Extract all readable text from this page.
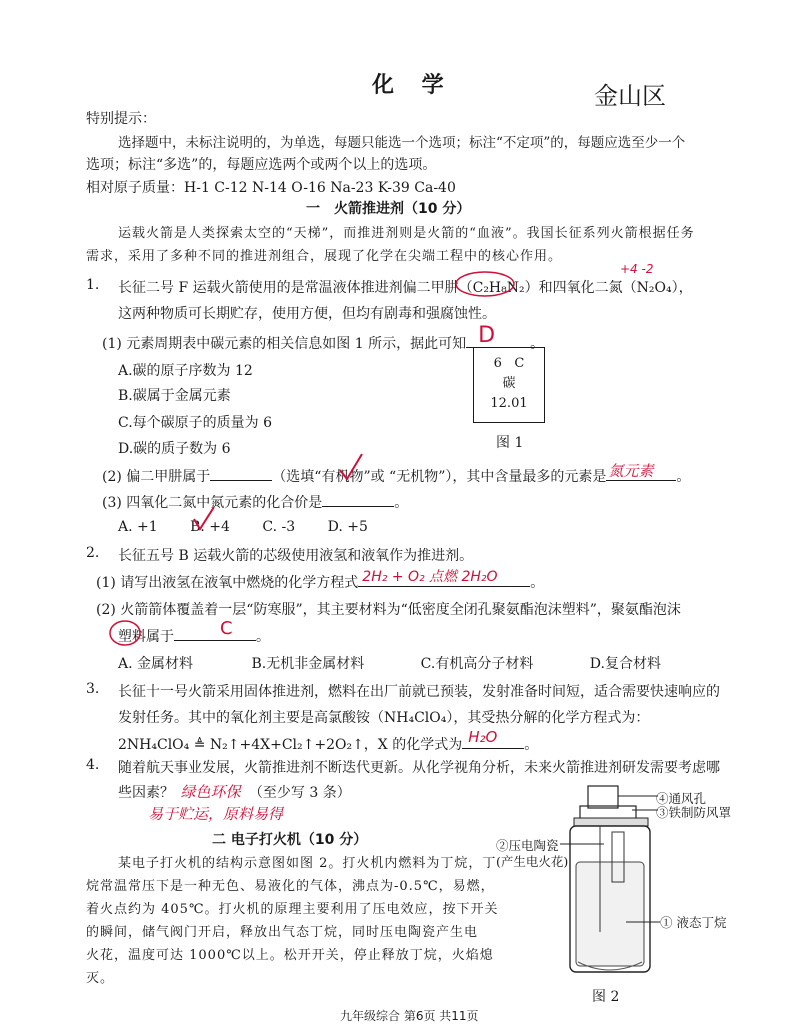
化 学	金山区
特别提示：
选择题中，未标注说明的，为单选，每题只能选一个选项；标注“不定项”的，每题应选至少一个
选项；标注“多选”的，每题应选两个或两个以上的选项。
相对原子质量：H-1 C-12 N-14 O-16 Na-23 K-39 Ca-40
一　火箭推进剂（10 分）
运载火箭是人类探索太空的“天梯”，而推进剂则是火箭的“血液”。我国长征系列火箭根据任务
需求，采用了多种不同的推进剂组合，展现了化学在尖端工程中的核心作用。
1. 长征二号 F 运载火箭使用的是常温液体推进剂偏二甲肼（C₂H₈N₂）和四氧化二氮（N₂O₄），
+4 -2
这两种物质可长期贮存，使用方便，但均有剧毒和强腐蚀性。
(1) 元素周期表中碳元素的相关信息如图 1 所示，据此可知 D	。
A.碳的原子序数为 12
B.碳属于金属元素
C.每个碳原子的质量为 6
D.碳的质子数为 6
6 C
碳
12.01
图 1
(2) 偏二甲肼属于	（选填“有机物”或 “无机物”），其中含量最多的元素是 氮元素 。
(3) 四氧化二氮中氮元素的化合价是	。
A. +1 B. +4 C. -3 D. +5
2. 长征五号 B 运载火箭的芯级使用液氢和液氧作为推进剂。
(1) 请写出液氢在液氧中燃烧的化学方程式 2H₂ + O₂ 点燃 2H₂O 。
(2) 火箭箭体覆盖着一层“防寒服”，其主要材料为“低密度全闭孔聚氨酯泡沫塑料”，聚氨酯泡沫
塑料属于	C 。
A. 金属材料	B.无机非金属材料	C.有机高分子材料	D.复合材料
3. 长征十一号火箭采用固体推进剂，燃料在出厂前就已预装，发射准备时间短，适合需要快速响应的
发射任务。其中的氧化剂主要是高氯酸铵（NH₄ClO₄），其受热分解的化学方程式为：
2NH₄ClO₄ ≜ N₂↑+4X+Cl₂↑+2O₂↑，X 的化学式为 H₂O 。
4. 随着航天事业发展，火箭推进剂不断迭代更新。从化学视角分析，未来火箭推进剂研发需要考虑哪
些因素？ 绿色环保 （至少写 3 条）
易于贮运，原料易得
二 电子打火机（10 分）
某电子打火机的结构示意图如图 2。打火机内燃料为丁烷，丁
烷常温常压下是一种无色、易液化的气体，沸点为-0.5℃，易燃，
着火点约为 405℃。打火机的原理主要利用了压电效应，按下开关
的瞬间，储气阀门开启，释放出气态丁烷，同时压电陶瓷产生电
火花，温度可达 1000℃以上。松开开关，停止释放丁烷，火焰熄
灭。
④通风孔
③铁制防风罩
②压电陶瓷
(产生电火花)
① 液态丁烷
图 2
九年级综合 第6页 共11页
